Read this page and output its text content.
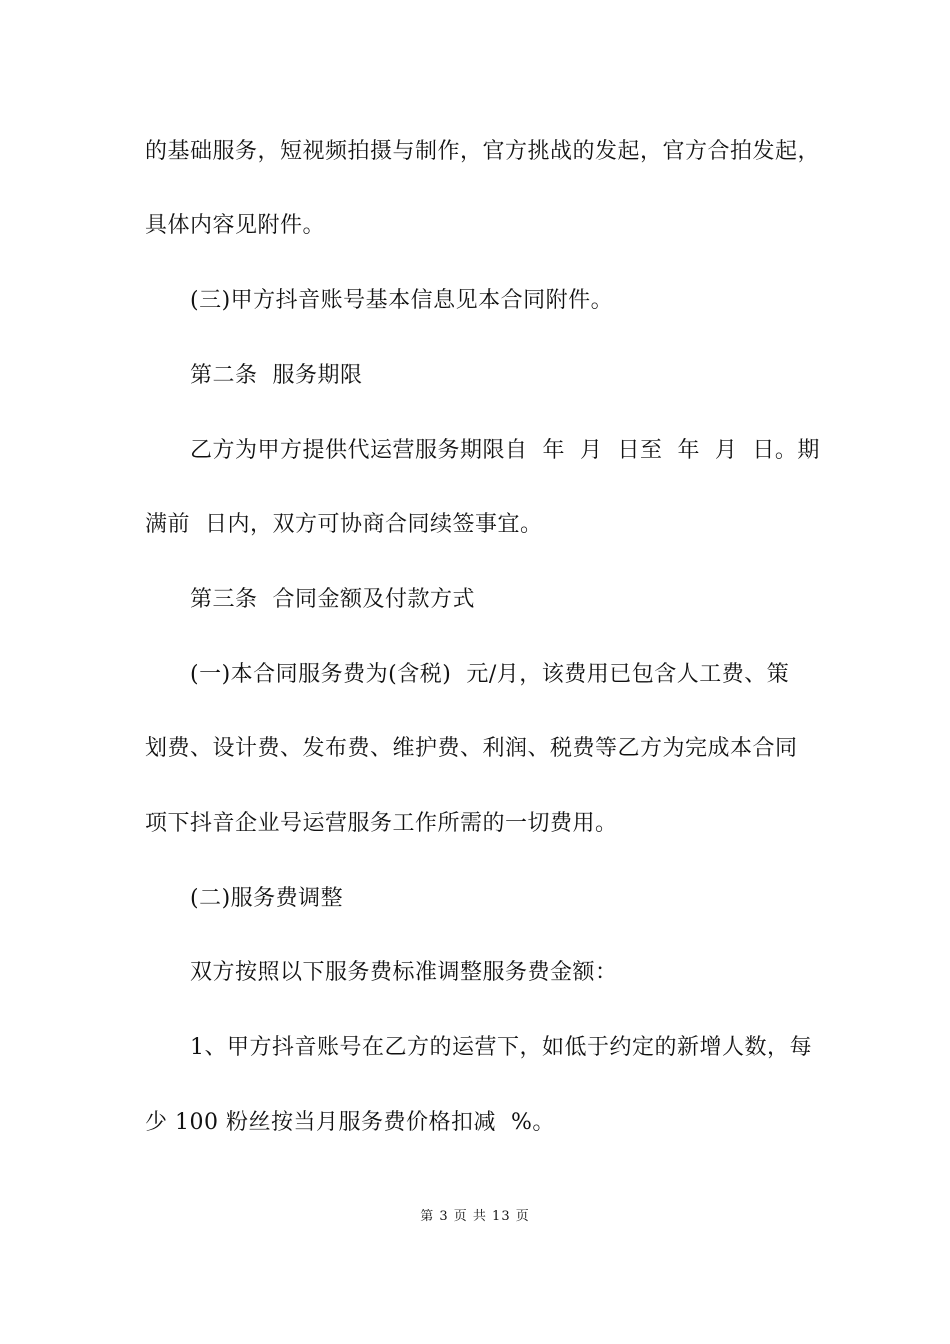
的基础服务，短视频拍摄与制作，官方挑战的发起，官方合拍发起，
具体内容见附件。
(三)甲方抖音账号基本信息见本合同附件。
第二条  服务期限
乙方为甲方提供代运营服务期限自  年  月  日至  年  月  日。期
满前  日内，双方可协商合同续签事宜。
第三条  合同金额及付款方式
(一)本合同服务费为(含税)  元/月，该费用已包含人工费、策
划费、设计费、发布费、维护费、利润、税费等乙方为完成本合同
项下抖音企业号运营服务工作所需的一切费用。
(二)服务费调整
双方按照以下服务费标准调整服务费金额：
1、甲方抖音账号在乙方的运营下，如低于约定的新增人数，每
少 100 粉丝按当月服务费价格扣减  %。
第 3 页 共 13 页
